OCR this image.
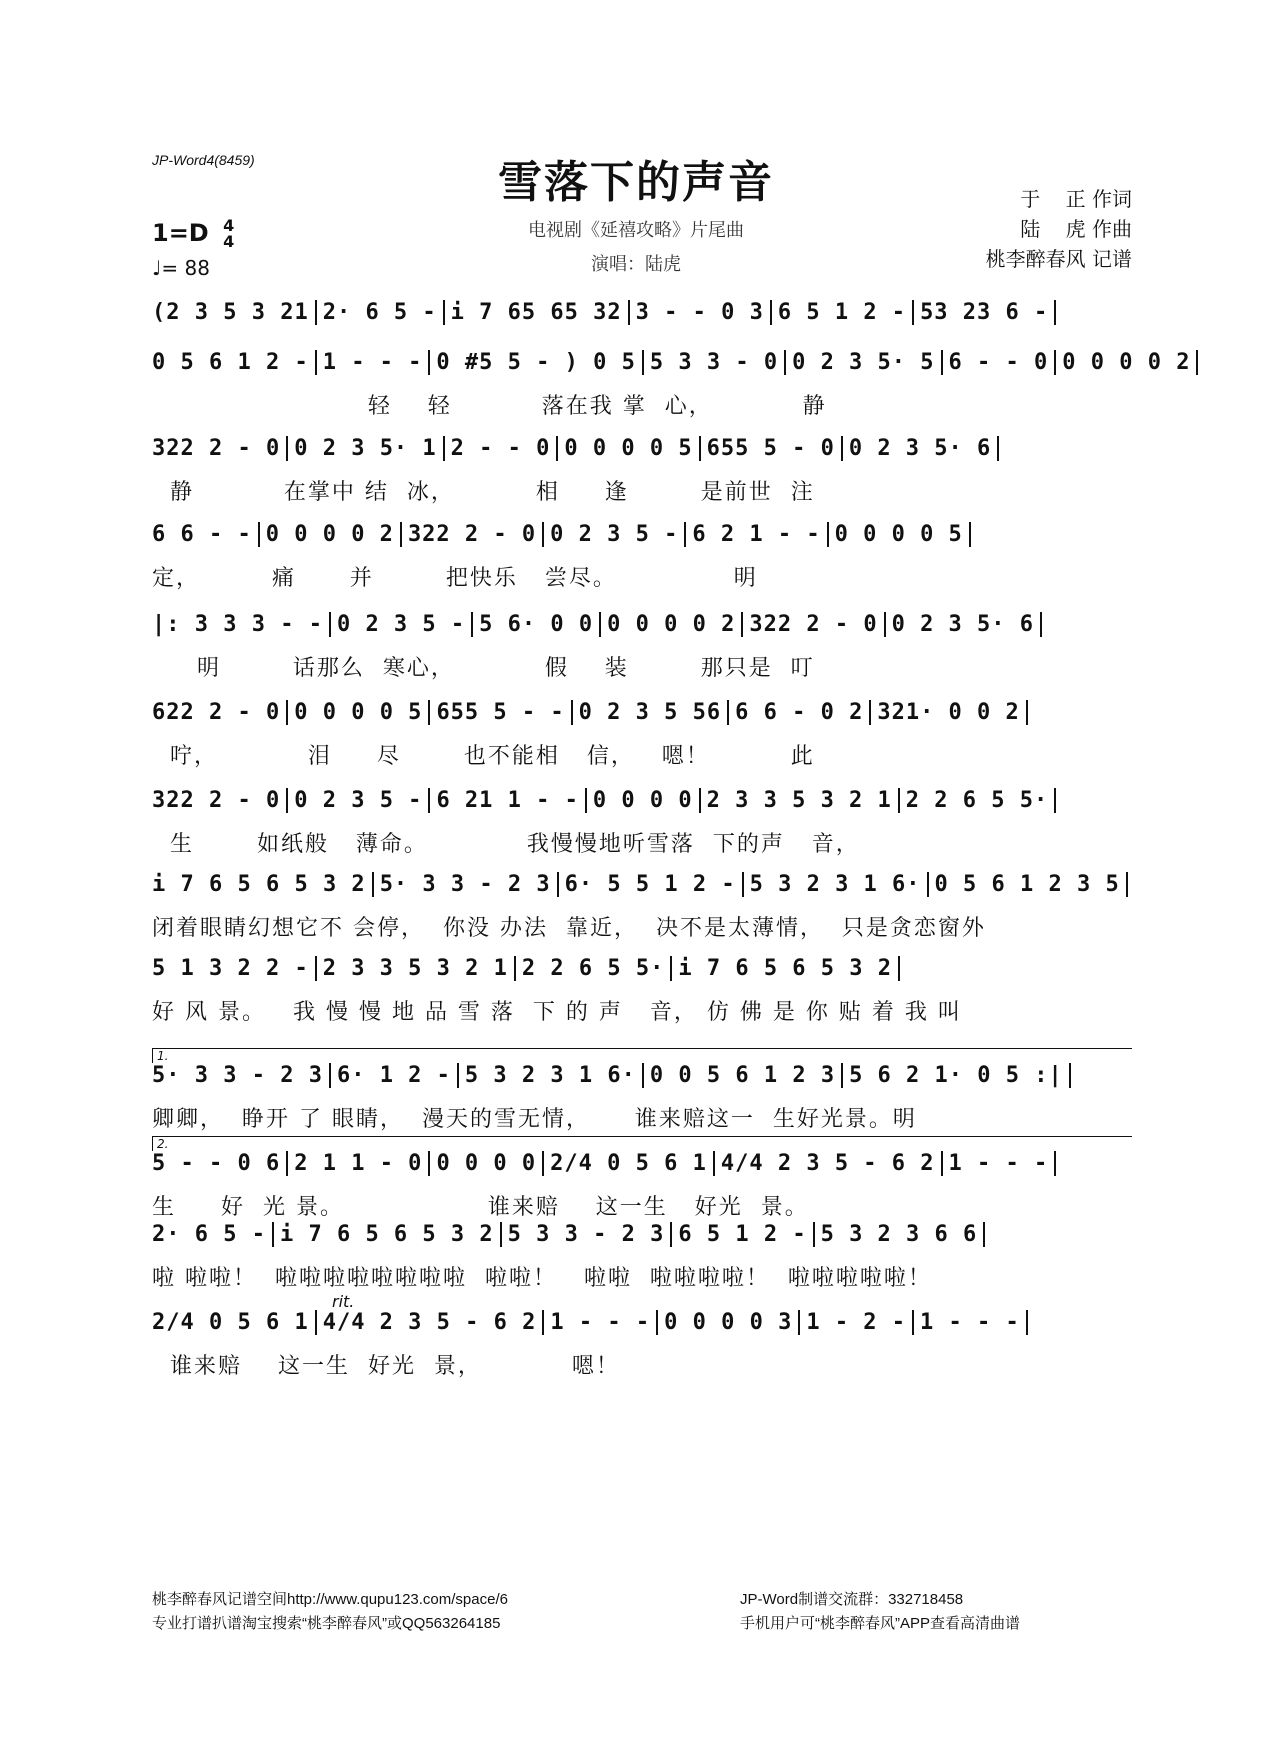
JP-Word4(8459)	雪落下的声音
电视剧《延禧攻略》片尾曲
演唱：陆虎
1=D 4
4
♩= 88
于    正 作词
陆    虎 作曲
桃李醉春风 记谱
(2 3 5 3 21 2· 6 5 - i 7 65 65 32 3 - - 0 3 6 5 1 2 - 53 23 6 -
0 5 6 1 2 - 1 - - - 0 #5 5 - ) 0 5 5 3 3 - 0 0 2 3 5· 5 6 - - 0 0 0 0 0 2
轻    轻          落在我 掌  心，          静
322 2 - 0 0 2 3 5· 1 2 - - 0 0 0 0 0 5 655 5 - 0 0 2 3 5· 6
静          在掌中 结  冰，         相     逢        是前世  注
6 6 - - 0 0 0 0 2 322 2 - 0 0 2 3 5 - 6 2 1 - - 0 0 0 0 5
定，        痛      并        把快乐   尝尽。             明
|: 3 3 3 - - 0 2 3 5 - 5 6· 0 0 0 0 0 0 2 322 2 - 0 0 2 3 5· 6
明        话那么  寒心，          假    装        那只是  叮
622 2 - 0 0 0 0 0 5 655 5 - - 0 2 3 5 56 6 6 - 0 2 321· 0 0 2
咛，          泪     尽       也不能相   信，   嗯！         此
322 2 - 0 0 2 3 5 - 6 21 1 - - 0 0 0 0 2 3 3 5 3 2 1 2 2 6 5 5·
生       如纸般   薄命。           我慢慢地听雪落  下的声   音，
i 7 6 5 6 5 3 2 5· 3 3 - 2 3 6· 5 5 1 2 - 5 3 2 3 1 6· 0 5 6 1 2 3 5
闭着眼睛幻想它不 会停，  你没 办法  靠近，  决不是太薄情，  只是贪恋窗外
5 1 3 2 2 - 2 3 3 5 3 2 1 2 2 6 5 5· i 7 6 5 6 5 3 2
好 风 景。   我 慢 慢 地 品 雪 落  下 的 声   音， 仿 佛 是 你 贴 着 我 叫
1.
5· 3 3 - 2 3 6· 1 2 - 5 3 2 3 1 6· 0 0 5 6 1 2 3 5 6 2 1· 0 5 :|
卿卿，  睁开 了 眼睛，  漫天的雪无情，     谁来赔这一  生好光景。明
2.
5 - - 0 6 2 1 1 - 0 0 0 0 0 2/4 0 5 6 1 4/4 2 3 5 - 6 2 1 - - -
生     好  光 景。                谁来赔    这一生   好光  景。
2· 6 5 - i 7 6 5 6 5 3 2 5 3 3 - 2 3 6 5 1 2 - 5 3 2 3 6 6
啦 啦啦！  啦啦啦啦啦啦啦啦  啦啦！   啦啦  啦啦啦啦！  啦啦啦啦啦！
rit.
2/4 0 5 6 1 4/4 2 3 5 - 6 2 1 - - - 0 0 0 0 3 1 - 2 - 1 - - -
谁来赔    这一生  好光  景，          嗯！
桃李醉春风记谱空间http://www.qupu123.com/space/6
专业打谱扒谱淘宝搜索“桃李醉春风”或QQ563264185
JP-Word制谱交流群：332718458
手机用户可“桃李醉春风”APP查看高清曲谱
